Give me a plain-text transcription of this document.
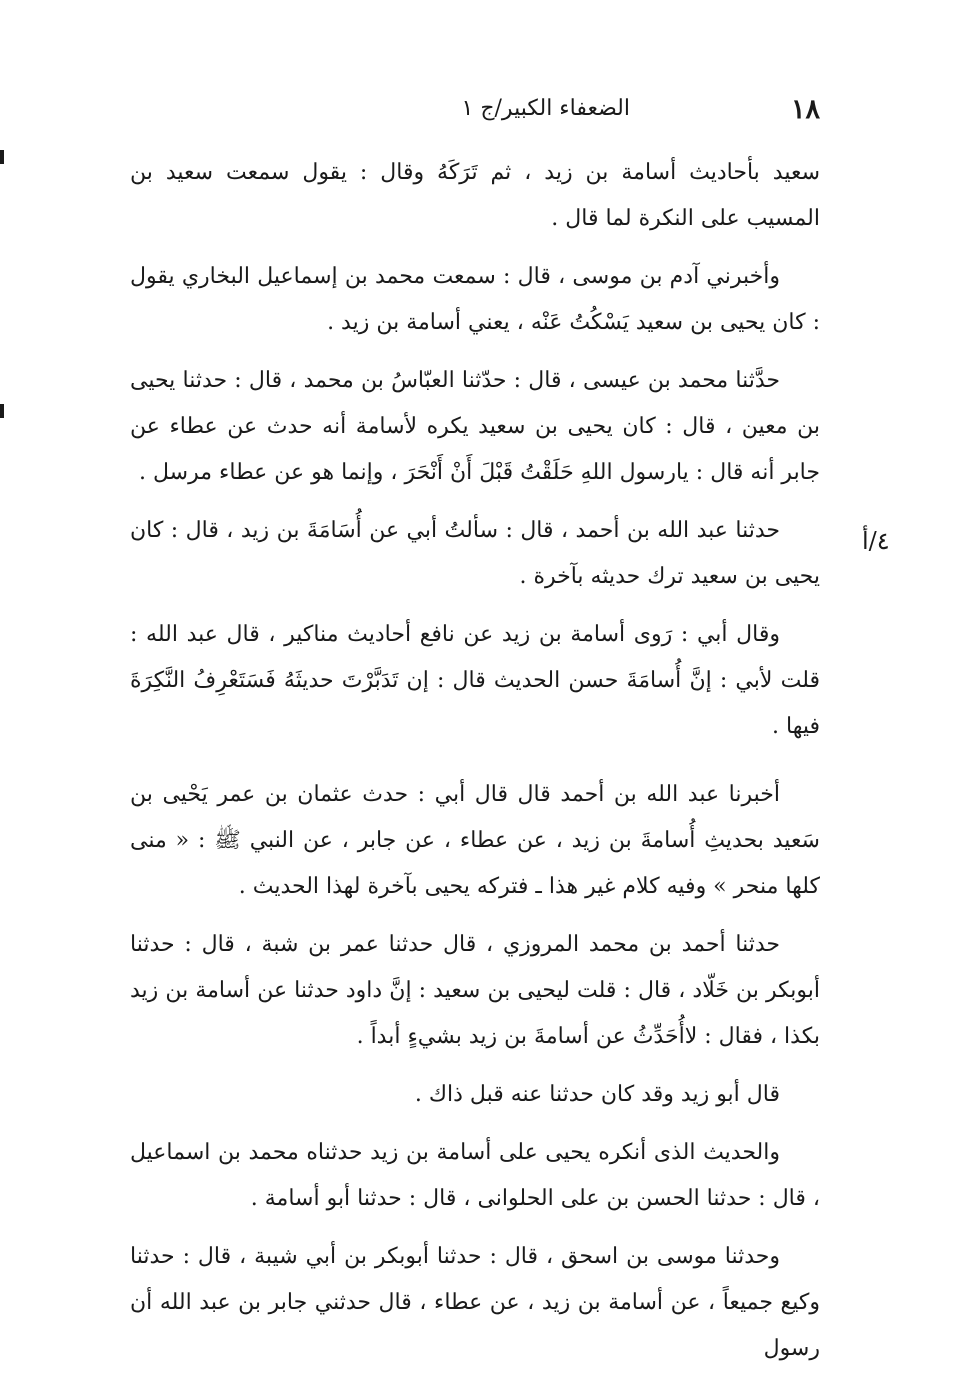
١٨
الضعفاء الكبير/ج ١
٤/أ

سعيد بأحاديث أسامة بن زيد ، ثم تَرَكَهُ وقال : يقول سمعت سعيد بن المسيب على النكرة لما قال .

وأخبرني آدم بن موسى ، قال : سمعت محمد بن إسماعيل البخاري يقول : كان يحيى بن سعيد يَسْكُتُ عَنْه ، يعني أسامة بن زيد .

حدَّثنا محمد بن عيسى ، قال : حدّثنا العبّاسُ بن محمد ، قال : حدثنا يحيى بن معين ، قال : كان يحيى بن سعيد يكره لأسامة أنه حدث عن عطاء عن جابر أنه قال : يارسول اللهِ حَلَقْتُ قَبْلَ أَنْ أَنْحَرَ ، وإنما هو عن عطاء مرسل .

حدثنا عبد الله بن أحمد ، قال : سألتُ أبي عن أُسَامَةَ بن زيد ، قال : كان يحيى بن سعيد ترك حديثه بآخرة .

وقال أبي : رَوى أسامة بن زيد عن نافع أحاديث مناكير ، قال عبد الله : قلت لأبي : إنَّ أُسامَةَ حسن الحديث قال : إن تَدَبَّرْتَ حديثَهُ فَسَتَعْرِفُ النَّكِرَةَ فيها .

أخبرنا عبد الله بن أحمد قال قال أبي : حدث عثمان بن عمر يَحْيى بن سَعيد بحديثِ أُسامةَ بن زيد ، عن عطاء ، عن جابر ، عن النبي ﷺ : « منى كلها منحر » وفيه كلام غير هذا ـ فتركه يحيى بآخرة لهذا الحديث .

حدثنا أحمد بن محمد المروزي ، قال حدثنا عمر بن شبة ، قال : حدثنا أبوبكر بن خَلّاد ، قال : قلت ليحيى بن سعيد : إنَّ داود حدثنا عن أسامة بن زيد بكذا ، فقال : لاأُحَدِّثُ عن أسامةَ بن زيد بشيءٍ أبداً .

قال أبو زيد وقد كان حدثنا عنه قبل ذاك .

والحديث الذى أنكره يحيى على أسامة بن زيد حدثناه محمد بن اسماعيل ، قال : حدثنا الحسن بن على الحلوانى ، قال : حدثنا أبو أسامة .

وحدثنا موسى بن اسحق ، قال : حدثنا أبوبكر بن أبي شيبة ، قال : حدثنا وكيع جميعاً ، عن أسامة بن زيد ، عن عطاء ، قال حدثني جابر بن عبد الله أن رسول
